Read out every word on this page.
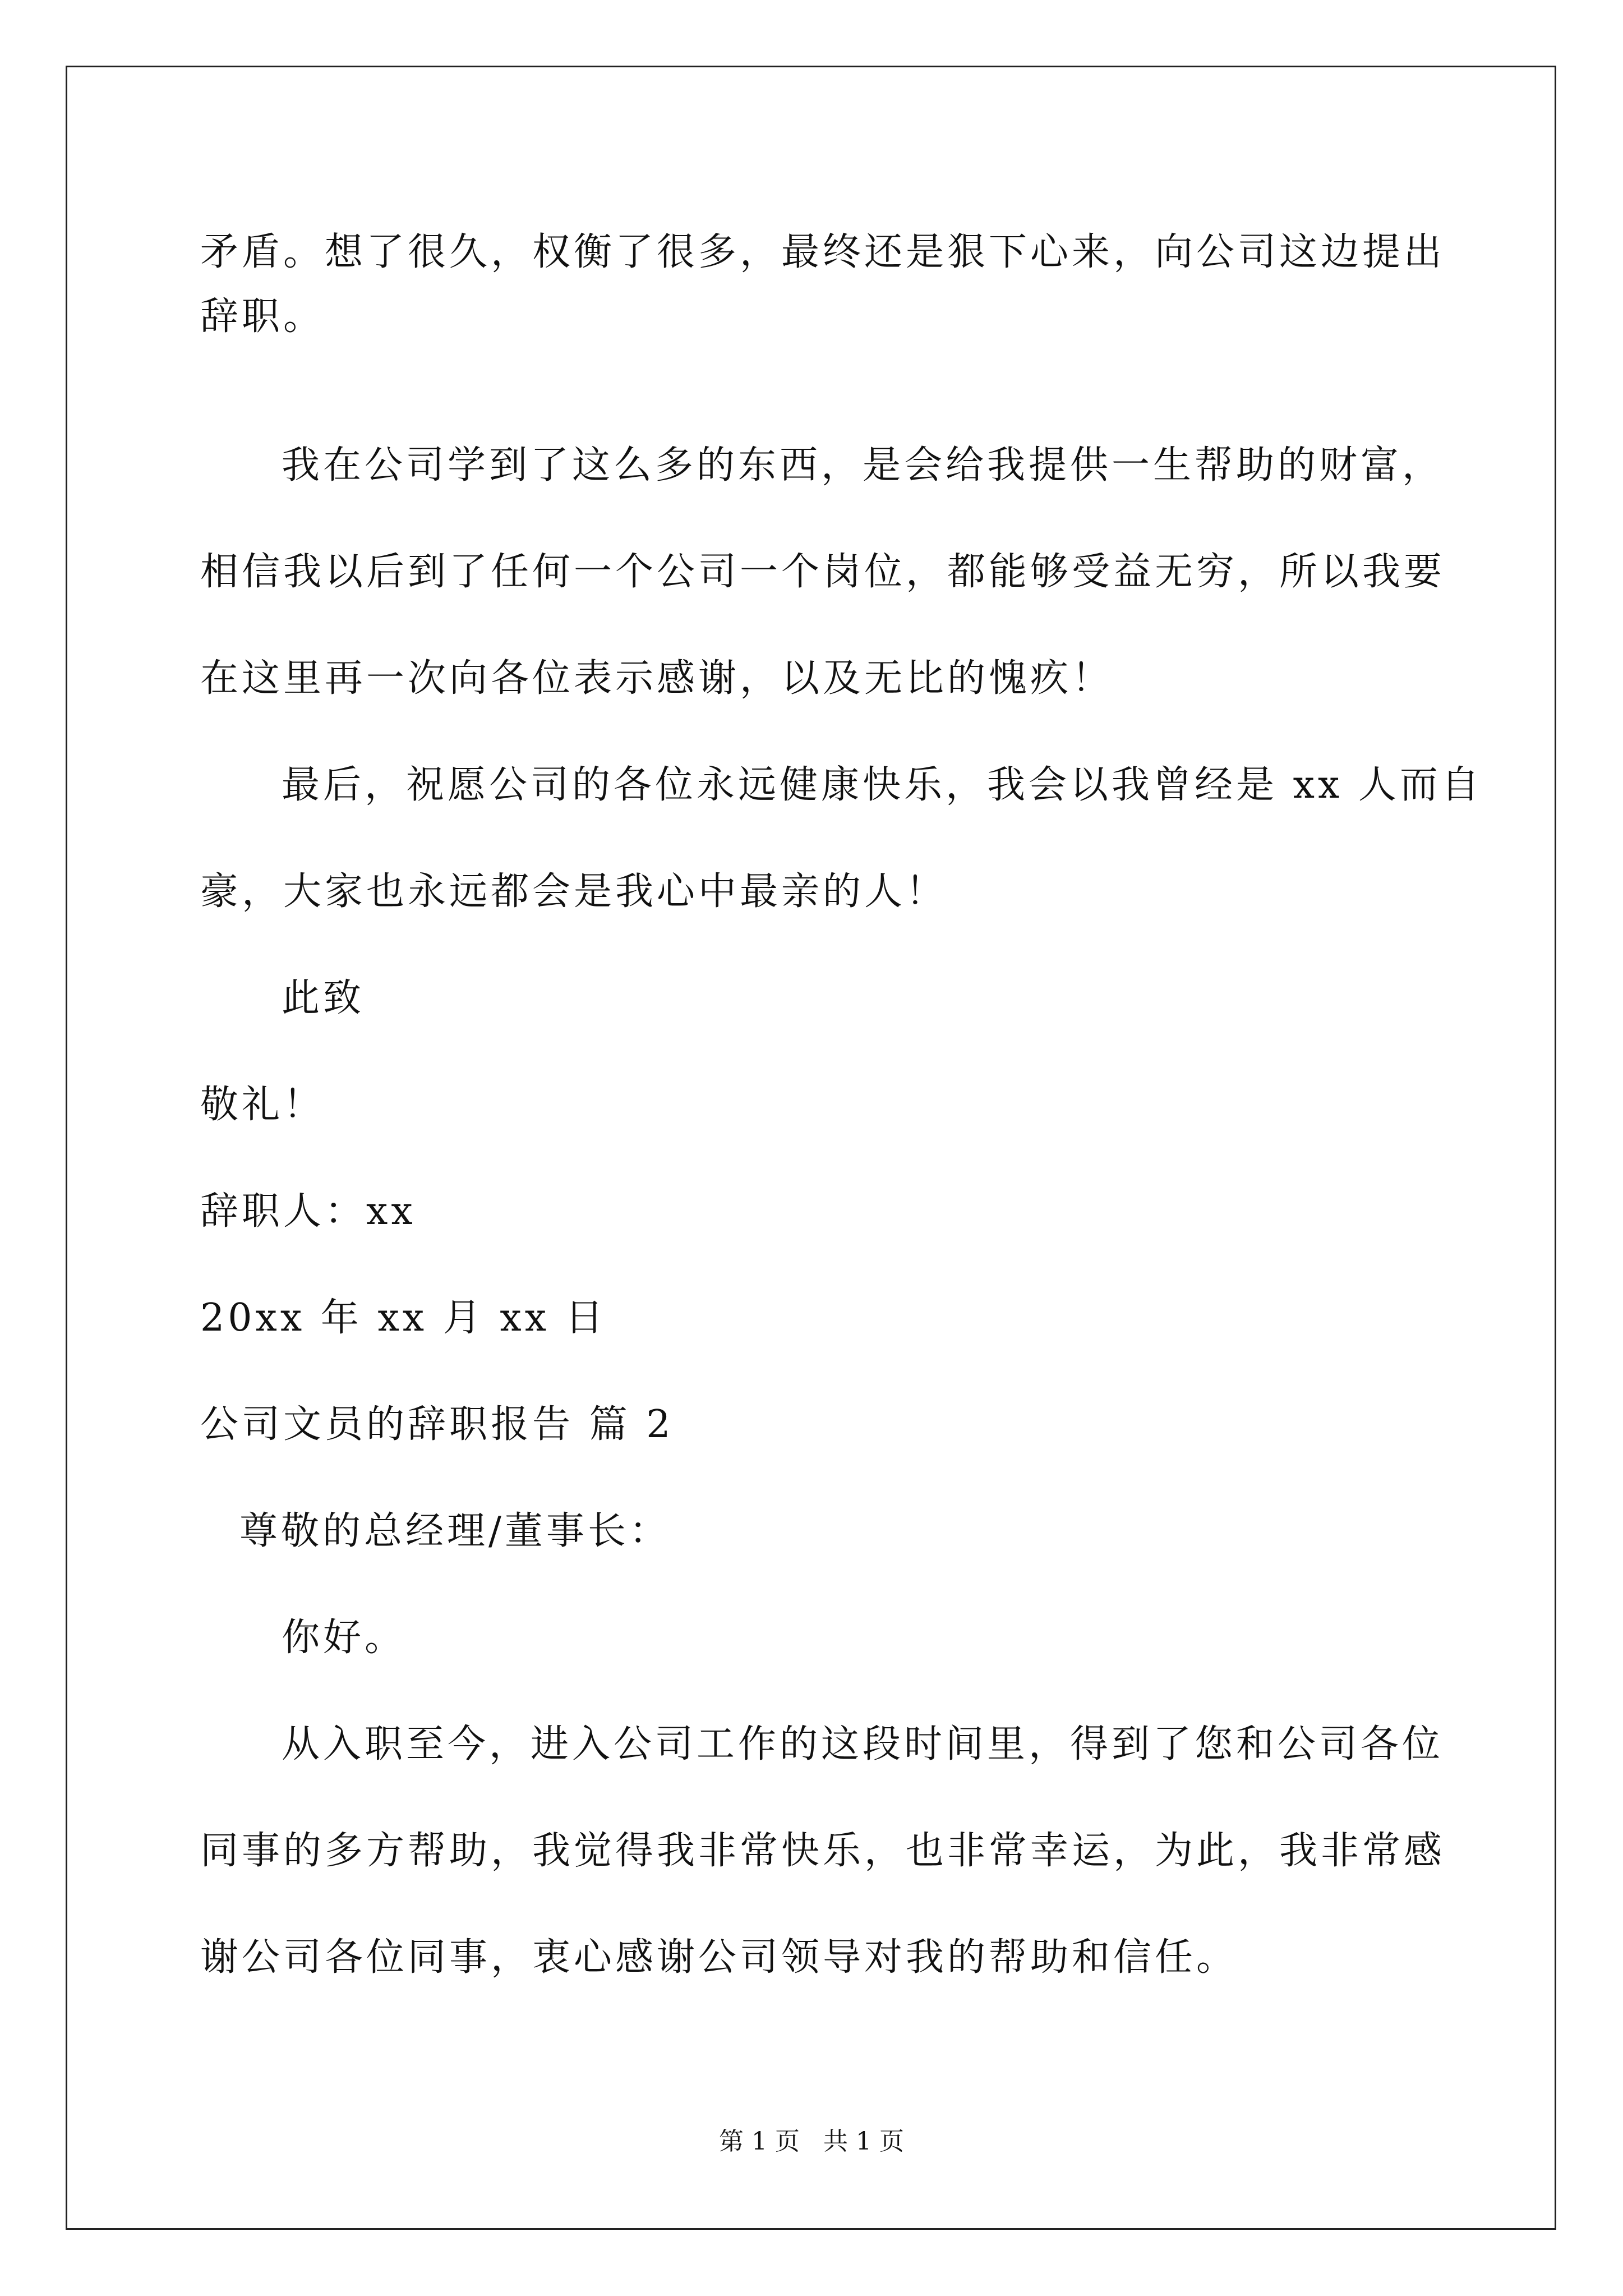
矛盾。想了很久，权衡了很多，最终还是狠下心来，向公司这边提出
辞职。
我在公司学到了这么多的东西，是会给我提供一生帮助的财富，
相信我以后到了任何一个公司一个岗位，都能够受益无穷，所以我要
在这里再一次向各位表示感谢，以及无比的愧疚！
最后，祝愿公司的各位永远健康快乐，我会以我曾经是 xx 人而自
豪，大家也永远都会是我心中最亲的人！
此致
敬礼！
辞职人：xx
20xx 年 xx 月 xx 日
公司文员的辞职报告 篇 2
尊敬的总经理/董事长：
你好。
从入职至今，进入公司工作的这段时间里，得到了您和公司各位
同事的多方帮助，我觉得我非常快乐，也非常幸运，为此，我非常感
谢公司各位同事，衷心感谢公司领导对我的帮助和信任。
第 1 页 共 1 页
